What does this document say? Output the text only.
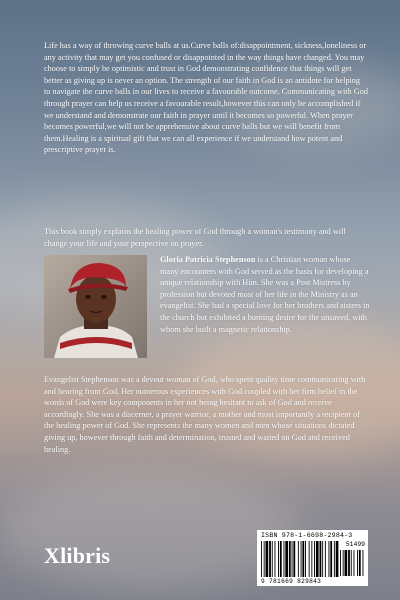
Life has a way of throwing curve balls at us.Curve balls of:disappointment, sickness,loneliness or any activity that may get you confused or disappointed in the way things have changed. You may choose to simply be optimistic and trust in God demonstrating confidence that things will get better as giving up is never an option. The strength of our faith in God is an antidote for helping to navigate the curve balls in our lives to receive a favourable outcome. Communicating with God through prayer can help us receive a favourable result,however this can only be accomplished if we understand and demonstrate our faith in prayer until it becomes so powerful. When prayer becomes powerful,we will not be apprehensive about curve balls but we will benefit from them.Healing is a spiritual gift that we can all experience if we understand how potent and prescriptive prayer is.

This book simply explains the healing power of God through a woman's testimony and will change your life and your perspective on prayer.

Gloria Patricia Stephenson is a Christian woman whose many encounters with God served as the basis for developing a unique relationship with Him. She was a Post Mistress by profession but devoted most of her life in the Ministry as an evangelist. She had a special love for her brothers and sisters in the church but exhibited a burning desire for the unsaved, with whom she built a magnetic relationship.

Evangelist Stephenson was a devout woman of God, who spent quality time communicating with and hearing from God. Her numerous experiences with God coupled with her firm belief in the words of God were key components in her not being hesitant to ask of God and receive accordingly. She was a discerner, a prayer warrior, a mother and most importantly a recipient of the healing power of God. She represents the many women and men whose situations dictated giving up, however through faith and determination, trusted and waited on God and received healing.

Xlibris
ISBN 978-1-6698-2984-3
51499
9 781669 829843
